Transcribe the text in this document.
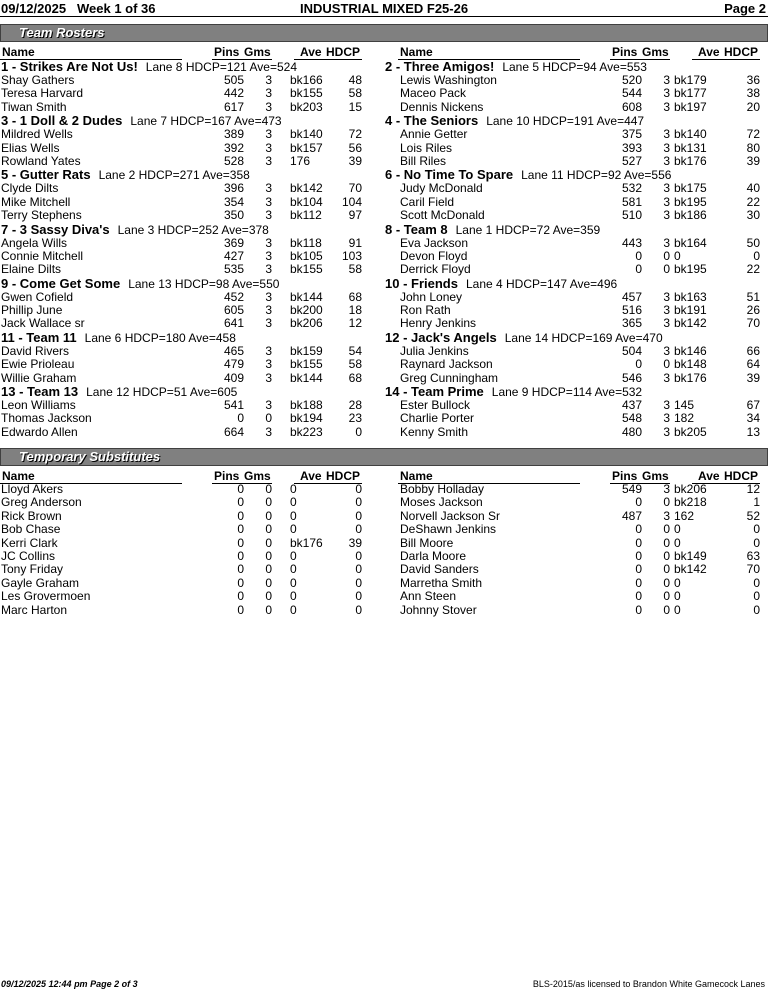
09/12/2025 Week 1 of 36	INDUSTRIAL MIXED F25-26	Page 2
Team Rosters
Name	Pins Gms Ave HDCP	Name	Pins Gms Ave HDCP
1 - Strikes Are Not Us! Lane 8 HDCP=121 Ave=524
Shay Gathers	505 3 bk166 48
Teresa Harvard	442 3 bk155 58
Tiwan Smith	617 3 bk203 15
3 - 1 Doll & 2 Dudes Lane 7 HDCP=167 Ave=473
Mildred Wells	389 3 bk140 72
Elias Wells	392 3 bk157 56
Rowland Yates	528 3 176	39
5 - Gutter Rats Lane 2 HDCP=271 Ave=358
Clyde Dilts	396 3 bk142 70
Mike Mitchell	354 3 bk104 104
Terry Stephens	350 3 bk112 97
7 - 3 Sassy Diva's Lane 3 HDCP=252 Ave=378
Angela Wills	369 3 bk118 91
Connie Mitchell	427 3 bk105 103
Elaine Dilts	535 3 bk155 58
9 - Come Get Some Lane 13 HDCP=98 Ave=550
Gwen Cofield	452 3 bk144 68
Phillip June	605 3 bk200 18
Jack Wallace sr	641 3 bk206 12
11 - Team 11 Lane 6 HDCP=180 Ave=458
David Rivers	465 3 bk159 54
Ewie Prioleau	479 3 bk155 58
Willie Graham	409 3 bk144 68
13 - Team 13 Lane 12 HDCP=51 Ave=605
Leon Williams	541 3 bk188 28
Thomas Jackson	0 0 bk194 23
Edwardo Allen	664 3 bk223	0
2 - Three Amigos! Lane 5 HDCP=94 Ave=553
Lewis Washington	520 3 bk179	36
Maceo Pack	544 3 bk177	38
Dennis Nickens	608 3 bk197	20
4 - The Seniors Lane 10 HDCP=191 Ave=447
Annie Getter	375 3 bk140	72
Lois Riles	393 3 bk131	80
Bill Riles	527 3 bk176	39
6 - No Time To Spare Lane 11 HDCP=92 Ave=556
Judy McDonald	532 3 bk175	40
Caril Field	581 3 bk195	22
Scott McDonald	510 3 bk186	30
8 - Team 8 Lane 1 HDCP=72 Ave=359
Eva Jackson	443 3 bk164	50
Devon Floyd	0 0 0	0
Derrick Floyd	0 0 bk195	22
10 - Friends Lane 4 HDCP=147 Ave=496
John Loney	457 3 bk163	51
Ron Rath	516 3 bk191	26
Henry Jenkins	365 3 bk142	70
12 - Jack's Angels Lane 14 HDCP=169 Ave=470
Julia Jenkins	504 3 bk146	66
Raynard Jackson	0 0 bk148	64
Greg Cunningham	546 3 bk176	39
14 - Team Prime Lane 9 HDCP=114 Ave=532
Ester Bullock	437 3 145	67
Charlie Porter	548 3 182	34
Kenny Smith	480 3 bk205	13
Temporary Substitutes
Name	Pins Gms Ave HDCP	Name	Pins Gms Ave HDCP
Lloyd Akers	0 0 0	0
Greg Anderson	0 0 0	0
Rick Brown	0 0 0	0
Bob Chase	0 0 0	0
Kerri Clark	0 0 bk176 39
JC Collins	0 0 0	0
Tony Friday	0 0 0	0
Gayle Graham	0 0 0	0
Les Grovermoen	0 0 0	0
Marc Harton	0 0 0	0
Bobby Holladay	549 3 bk206	12
Moses Jackson	0 0 bk218	1
Norvell Jackson Sr	487 3 162	52
DeShawn Jenkins	0 0 0	0
Bill Moore	0 0 0	0
Darla Moore	0 0 bk149	63
David Sanders	0 0 bk142	70
Marretha Smith	0 0 0	0
Ann Steen	0 0 0	0
Johnny Stover	0 0 0	0
09/12/2025 12:44 pm Page 2 of 3	BLS-2015/as licensed to Brandon White Gamecock Lanes
